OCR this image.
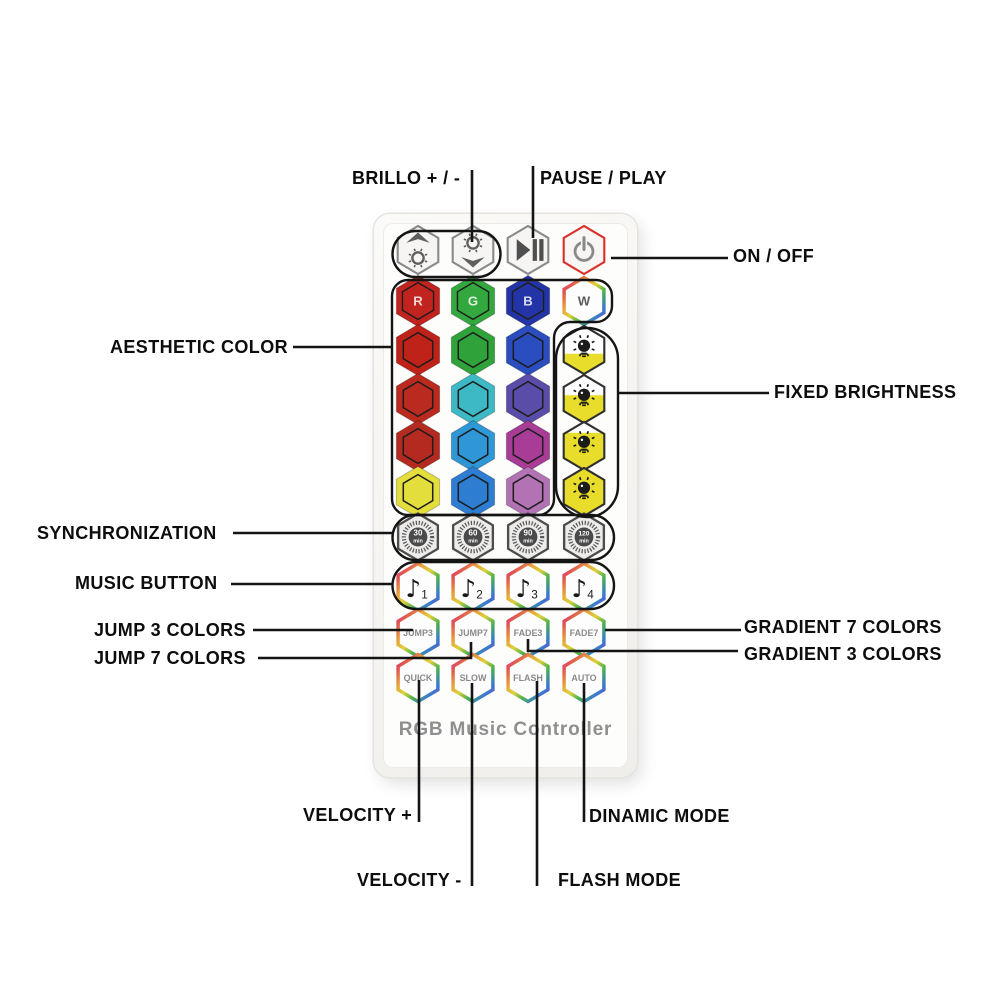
RGB Music Controller
R G B W
30
min
60
min
90
min
120
min
♪ 1 ♪ 2 ♪ 3 ♪ 4
JUMP3 JUMP7 FADE3 FADE7
QUICK SLOW FLASH AUTO
BRILLO + / -	PAUSE / PLAY
ON / OFF
AESTHETIC COLOR
FIXED BRIGHTNESS
SYNCHRONIZATION
MUSIC BUTTON
JUMP 3 COLORS
JUMP 7 COLORS
GRADIENT 7 COLORS
GRADIENT 3 COLORS
VELOCITY +	DINAMIC MODE
VELOCITY -	FLASH MODE
